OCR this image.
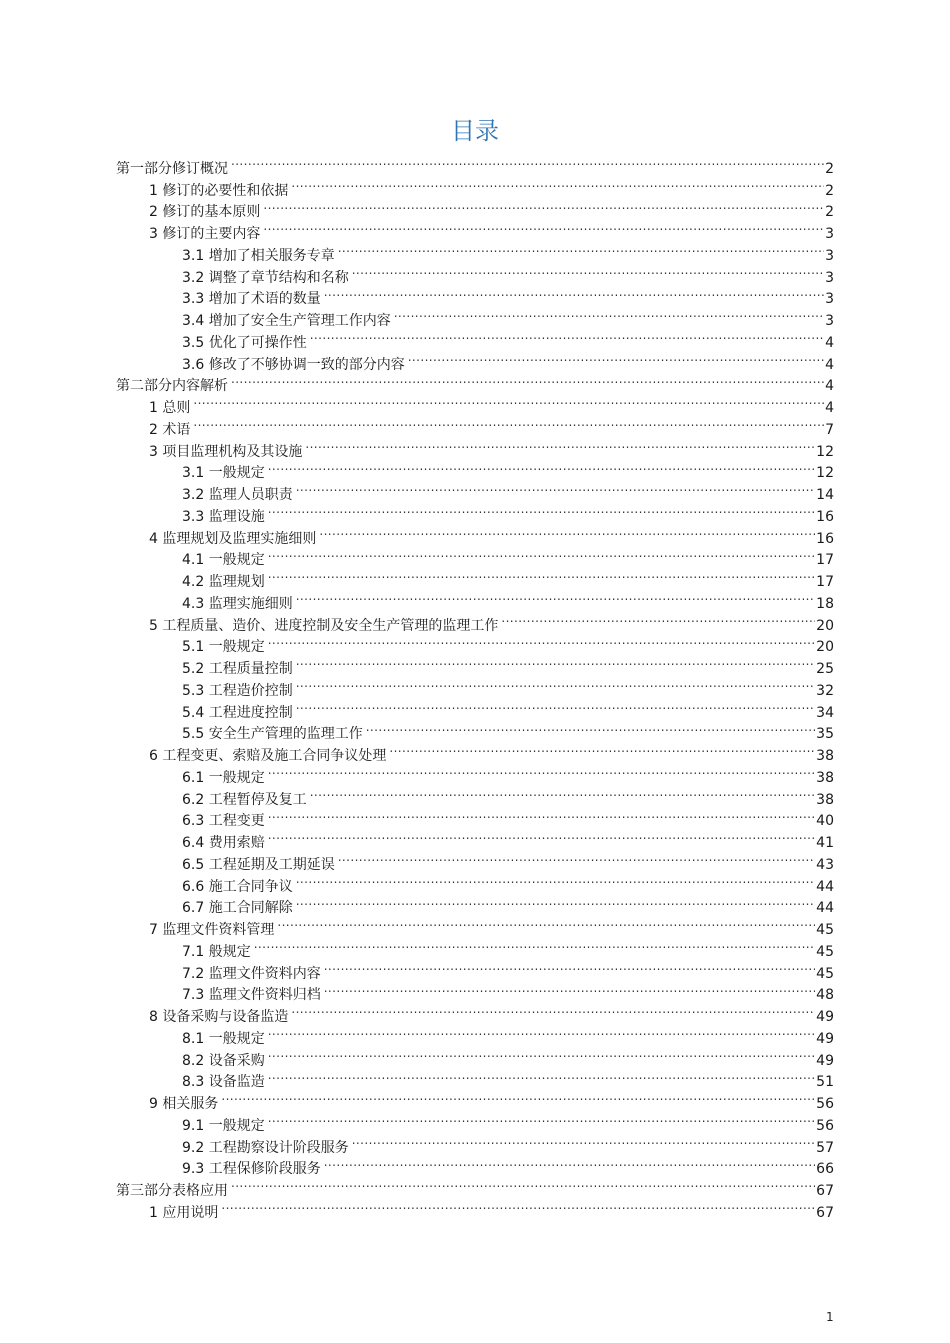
目录
第一部分修订概况 .....	2
1 修订的必要性和依据 .....	2
2 修订的基本原则 .....	2
3 修订的主要内容 .....	3
3.1 增加了相关服务专章 .....	3
3.2 调整了章节结构和名称 .....	3
3.3 增加了术语的数量 .....	3
3.4 增加了安全生产管理工作内容 .....	3
3.5 优化了可操作性 .....	4
3.6 修改了不够协调一致的部分内容 .....	4
第二部分内容解析 .....	4
1 总则 .....	4
2 术语 .....	7
3 项目监理机构及其设施 .....	12
3.1 一般规定 .....	12
3.2 监理人员职责 .....	14
3.3 监理设施 .....	16
4 监理规划及监理实施细则 .....	16
4.1 一般规定 .....	17
4.2 监理规划 .....	17
4.3 监理实施细则 .....	18
5 工程质量、造价、进度控制及安全生产管理的监理工作 .....	20
5.1 一般规定 .....	20
5.2 工程质量控制 .....	25
5.3 工程造价控制 .....	32
5.4 工程进度控制 .....	34
5.5 安全生产管理的监理工作 .....	35
6 工程变更、索赔及施工合同争议处理 .....	38
6.1 一般规定 .....	38
6.2 工程暂停及复工 .....	38
6.3 工程变更 .....	40
6.4 费用索赔 .....	41
6.5 工程延期及工期延误 .....	43
6.6 施工合同争议 .....	44
6.7 施工合同解除 .....	44
7 监理文件资料管理 .....	45
7.1 般规定 .....	45
7.2 监理文件资料内容 .....	45
7.3 监理文件资料归档 .....	48
8 设备采购与设备监造 .....	49
8.1 一般规定 .....	49
8.2 设备采购 .....	49
8.3 设备监造 .....	51
9 相关服务 .....	56
9.1 一般规定 .....	56
9.2 工程勘察设计阶段服务 .....	57
9.3 工程保修阶段服务 .....	66
第三部分表格应用 .....	67
1 应用说明 .....	67
1
